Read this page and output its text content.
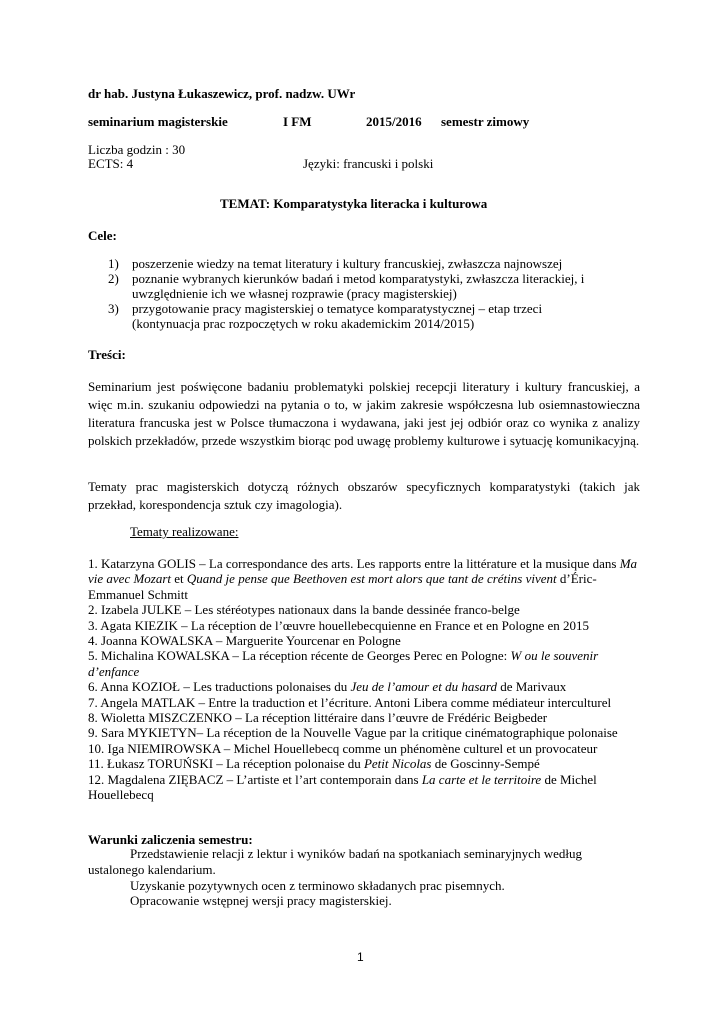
dr hab. Justyna Łukaszewicz, prof. nadzw. UWr
seminarium magisterskie	I FM	2015/2016 semestr zimowy
Liczba godzin : 30
ECTS: 4	Języki: francuski i polski
TEMAT: Komparatystyka literacka i kulturowa
Cele:
1) poszerzenie wiedzy na temat literatury i kultury francuskiej, zwłaszcza najnowszej
2) poznanie wybranych kierunków badań i metod komparatystyki, zwłaszcza literackiej, i uwzględnienie ich we własnej rozprawie (pracy magisterskiej)
3) przygotowanie pracy magisterskiej o tematyce komparatystycznej – etap trzeci (kontynuacja prac rozpoczętych w roku akademickim 2014/2015)
Treści:
Seminarium jest poświęcone badaniu problematyki polskiej recepcji literatury i kultury francuskiej, a więc m.in. szukaniu odpowiedzi na pytania o to, w jakim zakresie współczesna lub osiemnastowieczna literatura francuska jest w Polsce tłumaczona i wydawana, jaki jest jej odbiór oraz co wynika z analizy polskich przekładów, przede wszystkim biorąc pod uwagę problemy kulturowe i sytuację komunikacyjną.
Tematy prac magisterskich dotyczą różnych obszarów specyficznych komparatystyki (takich jak przekład, korespondencja sztuk czy imagologia).
Tematy realizowane:
1. Katarzyna GOLIS – La correspondance des arts. Les rapports entre la littérature et la musique dans Ma vie avec Mozart et Quand je pense que Beethoven est mort alors que tant de crétins vivent d’Éric-Emmanuel Schmitt
2. Izabela JULKE – Les stéréotypes nationaux dans la bande dessinée franco-belge
3. Agata KIEZIK – La réception de l’œuvre houellebecquienne en France et en Pologne en 2015
4. Joanna KOWALSKA – Marguerite Yourcenar en Pologne
5. Michalina KOWALSKA – La réception récente de Georges Perec en Pologne: W ou le souvenir d’enfance
6. Anna KOZIOŁ – Les traductions polonaises du Jeu de l’amour et du hasard de Marivaux
7. Angela MATLAK – Entre la traduction et l’écriture. Antoni Libera comme médiateur interculturel
8. Wioletta MISZCZENKO – La réception littéraire dans l’œuvre de Frédéric Beigbeder
9. Sara MYKIETYN– La réception de la Nouvelle Vague par la critique cinématographique polonaise
10. Iga NIEMIROWSKA – Michel Houellebecq comme un phénomène culturel et un provocateur
11. Łukasz TORUŃSKI – La réception polonaise du Petit Nicolas de Goscinny-Sempé
12. Magdalena ZIĘBACZ – L’artiste et l’art contemporain dans La carte et le territoire de Michel Houellebecq
Warunki zaliczenia semestru:
Przedstawienie relacji z lektur i wyników badań na spotkaniach seminaryjnych według ustalonego kalendarium.
Uzyskanie pozytywnych ocen z terminowo składanych prac pisemnych.
Opracowanie wstępnej wersji pracy magisterskiej.
1
